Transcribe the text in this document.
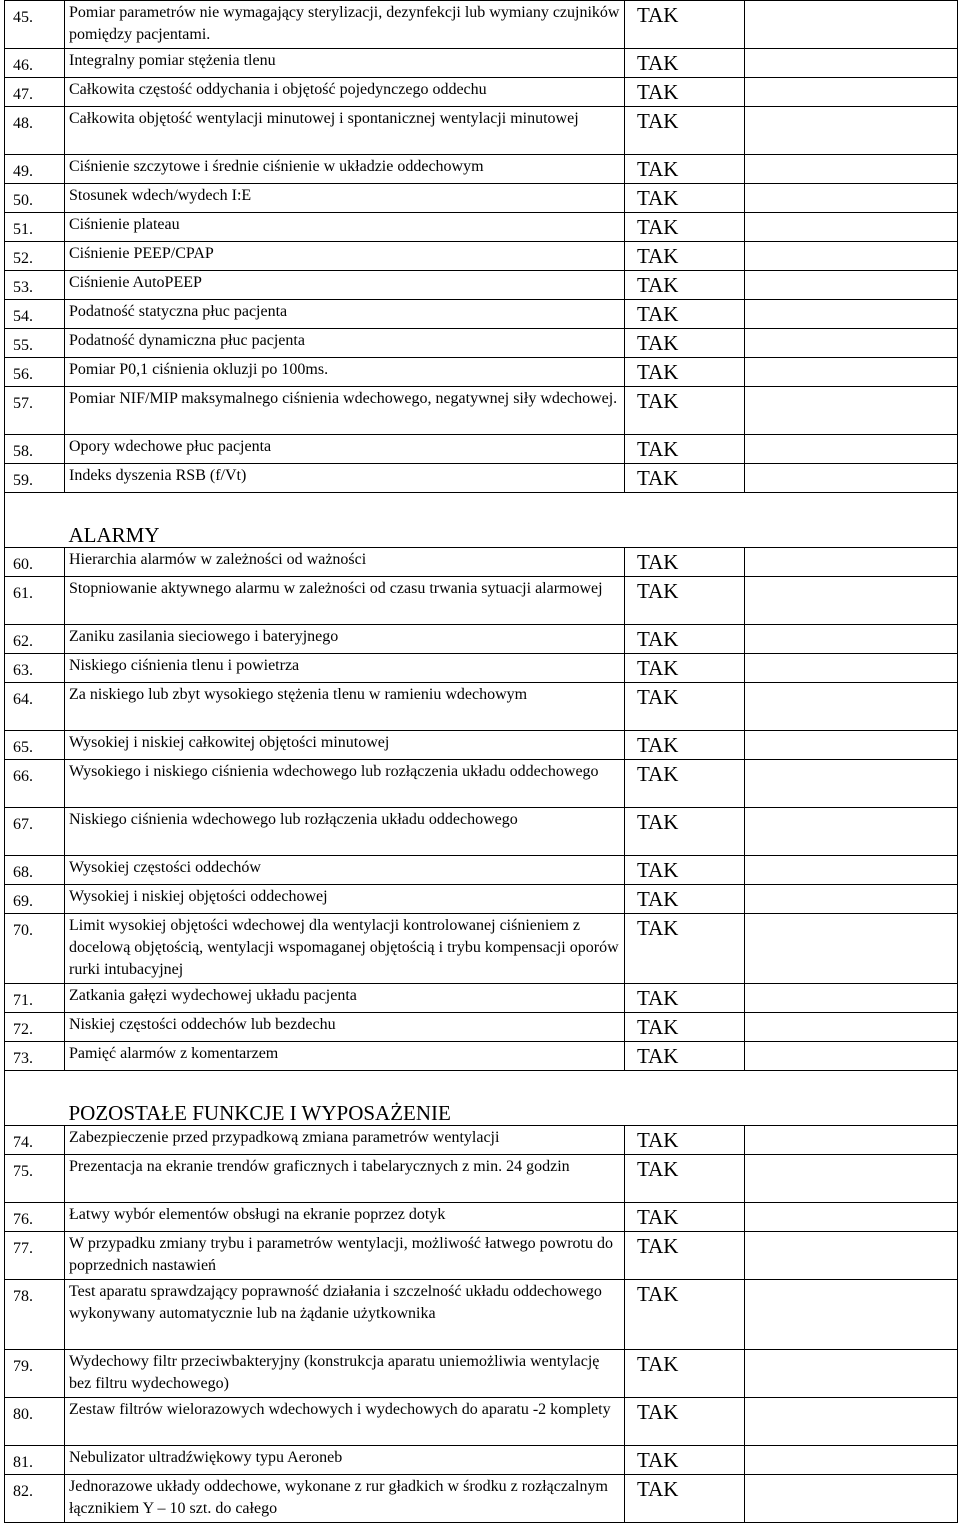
45.	Pomiar parametrów nie wymagający sterylizacji, dezynfekcji lub wymiany czujników pomiędzy pacjentami.	TAK	
46.	Integralny pomiar stężenia tlenu	TAK	
47.	Całkowita częstość oddychania i objętość pojedynczego oddechu	TAK	
48.	Całkowita objętość wentylacji minutowej i spontanicznej wentylacji minutowej	TAK	
49.	Ciśnienie szczytowe i średnie ciśnienie w układzie oddechowym	TAK	
50.	Stosunek wdech/wydech I:E	TAK	
51.	Ciśnienie plateau	TAK	
52.	Ciśnienie PEEP/CPAP	TAK	
53.	Ciśnienie AutoPEEP	TAK	
54.	Podatność statyczna płuc pacjenta	TAK	
55.	Podatność dynamiczna płuc pacjenta	TAK	
56.	Pomiar P0,1 ciśnienia okluzji po 100ms.	TAK	
57.	Pomiar NIF/MIP maksymalnego ciśnienia wdechowego, negatywnej siły wdechowej.	TAK	
58.	Opory wdechowe płuc pacjenta	TAK	
59.	Indeks dyszenia RSB (f/Vt)	TAK	
	ALARMY		
60.	Hierarchia alarmów w zależności od ważności	TAK	
61.	Stopniowanie aktywnego alarmu w zależności od czasu trwania sytuacji alarmowej	TAK	
62.	Zaniku zasilania sieciowego i bateryjnego	TAK	
63.	Niskiego ciśnienia tlenu i powietrza	TAK	
64.	Za niskiego lub zbyt wysokiego stężenia tlenu w ramieniu wdechowym	TAK	
65.	Wysokiej i niskiej całkowitej objętości minutowej	TAK	
66.	Wysokiego i niskiego ciśnienia wdechowego lub rozłączenia układu oddechowego	TAK	
67.	Niskiego ciśnienia wdechowego lub rozłączenia układu oddechowego	TAK	
68.	Wysokiej częstości oddechów	TAK	
69.	Wysokiej i niskiej objętości oddechowej	TAK	
70.	Limit wysokiej objętości wdechowej dla wentylacji kontrolowanej ciśnieniem z docelową objętością, wentylacji wspomaganej objętością i trybu kompensacji oporów rurki intubacyjnej	TAK	
71.	Zatkania gałęzi wydechowej układu pacjenta	TAK	
72.	Niskiej częstości oddechów lub bezdechu	TAK	
73.	Pamięć alarmów z komentarzem	TAK	
	POZOSTAŁE FUNKCJE I WYPOSAŻENIE		
74.	Zabezpieczenie przed przypadkową zmiana parametrów wentylacji	TAK	
75.	Prezentacja na ekranie trendów graficznych i tabelarycznych z min. 24 godzin	TAK	
76.	Łatwy wybór elementów obsługi na ekranie poprzez dotyk	TAK	
77.	W przypadku zmiany trybu i parametrów wentylacji, możliwość łatwego powrotu do poprzednich nastawień	TAK	
78.	Test aparatu sprawdzający poprawność działania i szczelność układu oddechowego wykonywany automatycznie lub na żądanie użytkownika	TAK	
79.	Wydechowy filtr przeciwbakteryjny (konstrukcja aparatu uniemożliwia wentylację bez filtru wydechowego)	TAK	
80.	Zestaw filtrów wielorazowych wdechowych i wydechowych do aparatu -2 komplety	TAK	
81.	Nebulizator ultradźwiękowy typu Aeroneb	TAK	
82.	Jednorazowe układy oddechowe, wykonane z rur gładkich w środku z rozłączalnym łącznikiem Y – 10 szt. do całego	TAK	
